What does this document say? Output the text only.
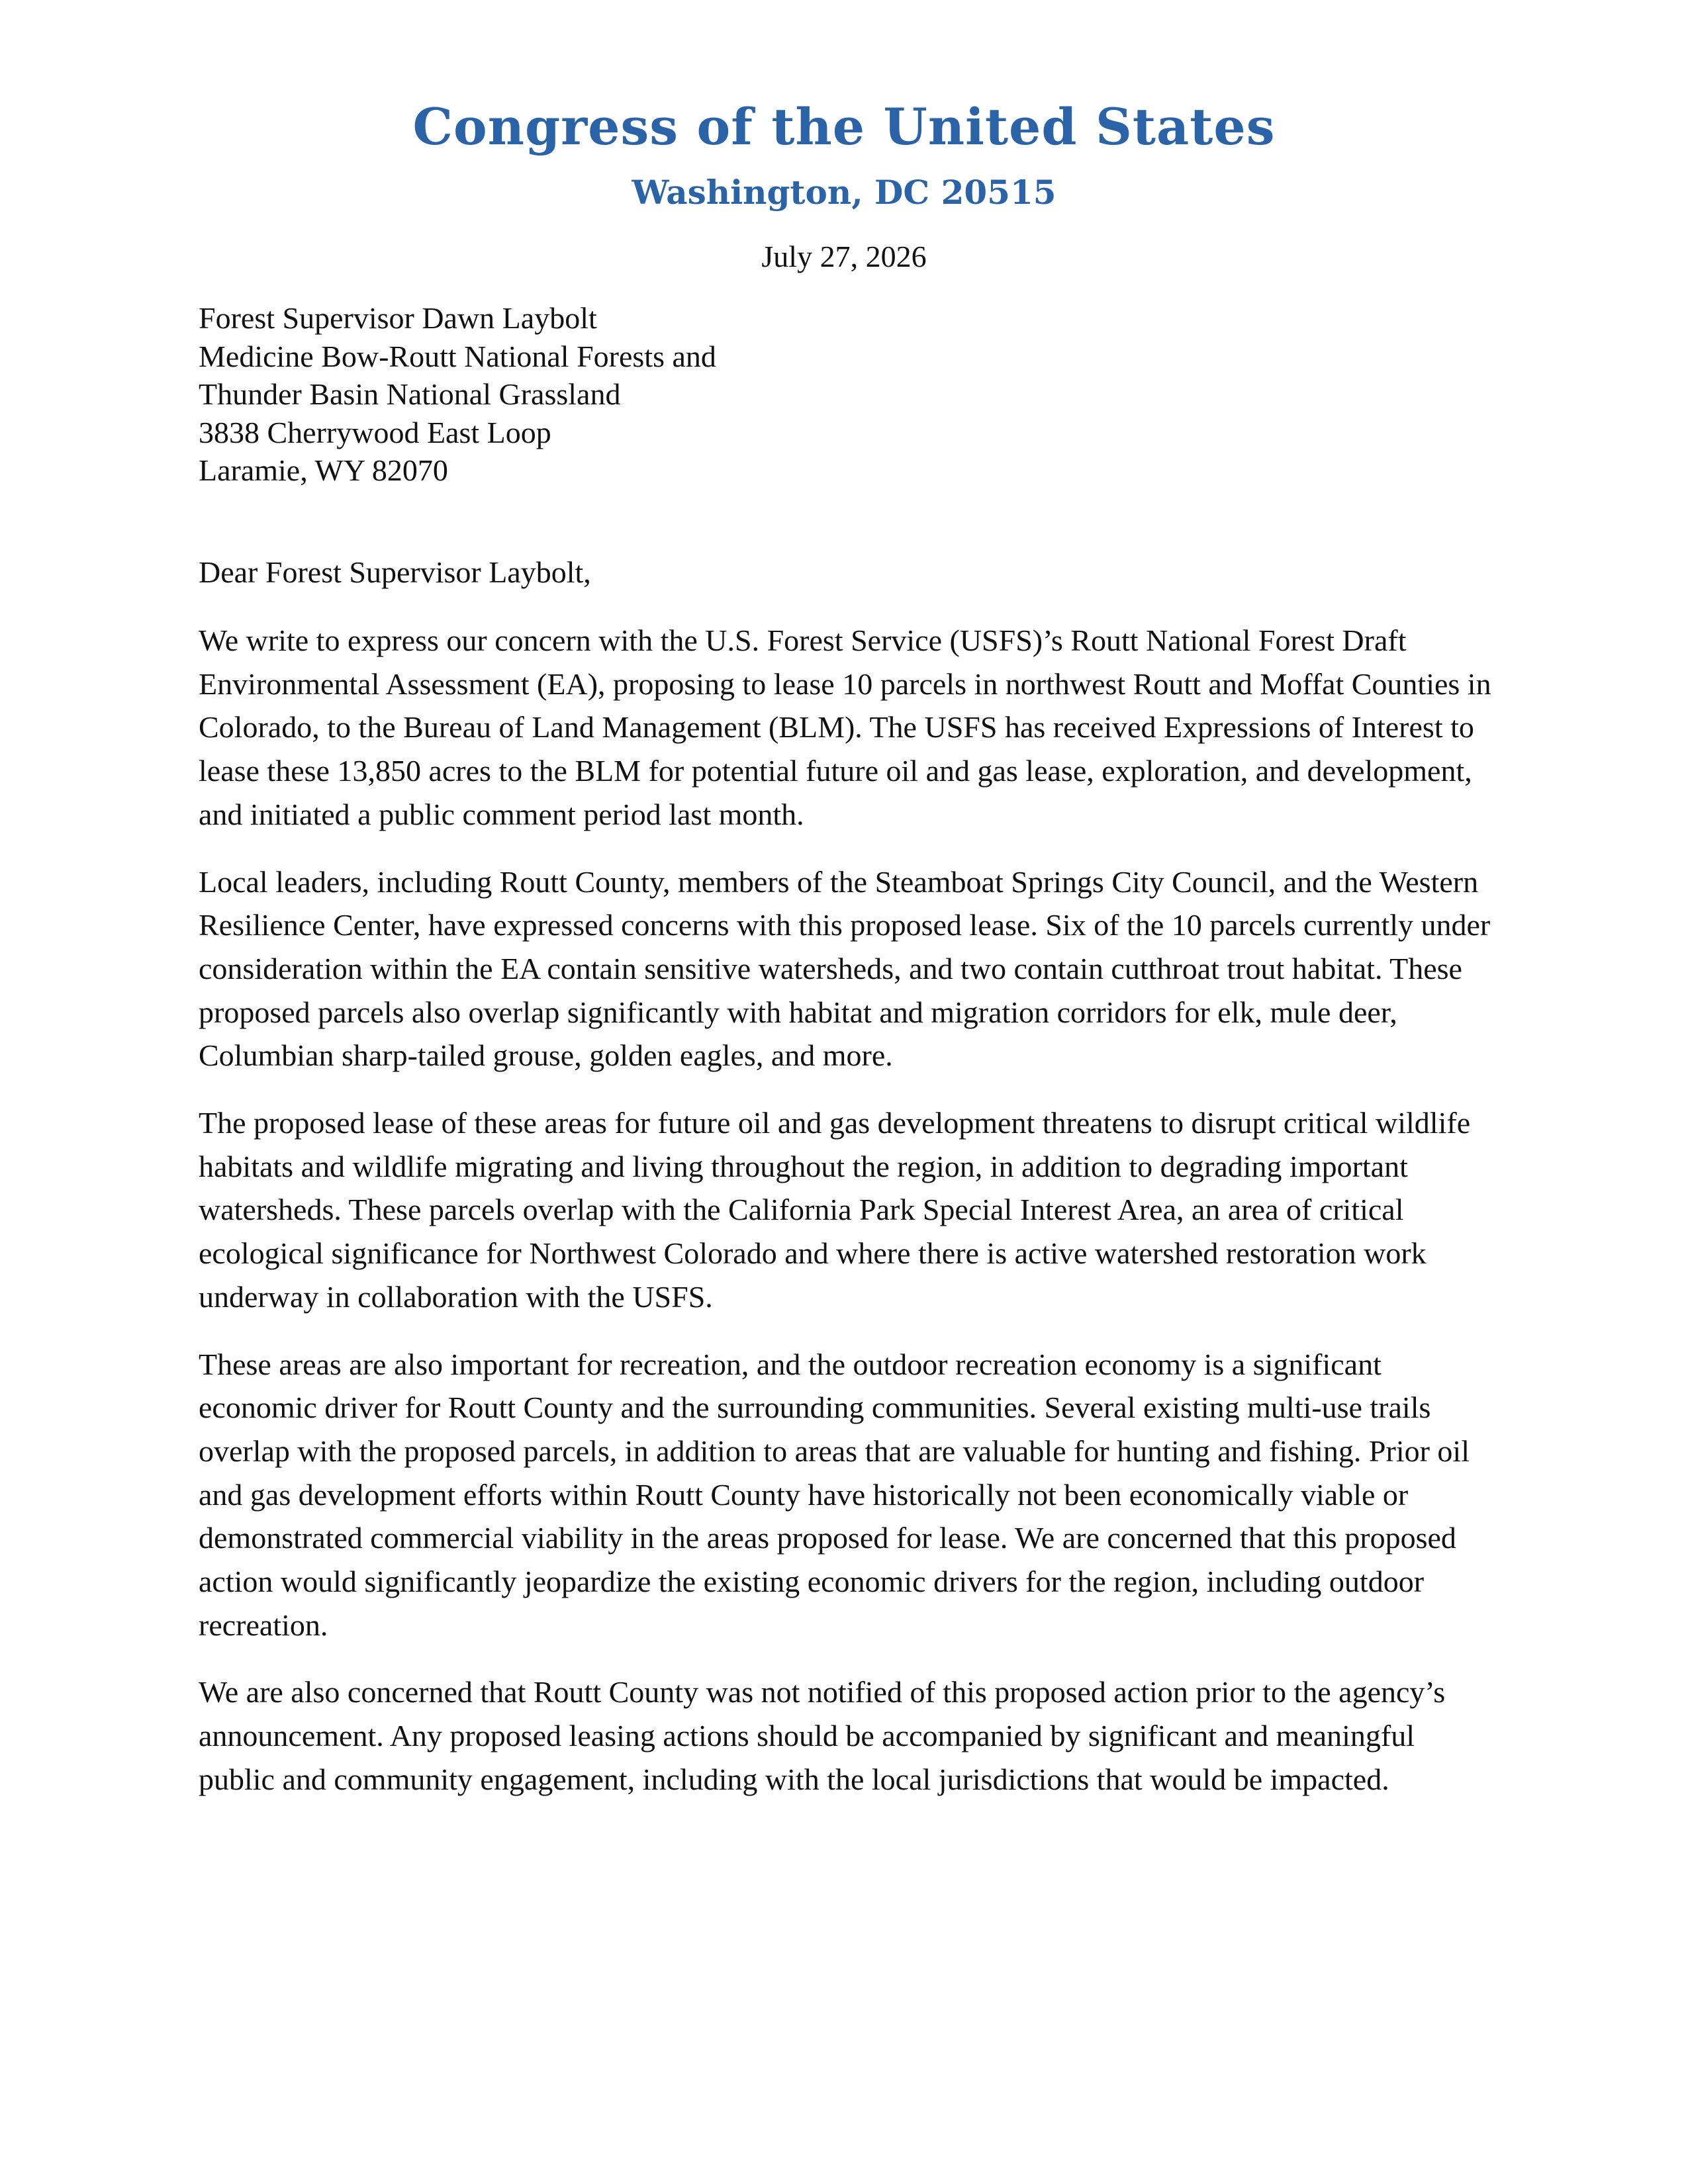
Congress of the United States
Washington, DC 20515
July 27, 2026
Forest Supervisor Dawn Laybolt
Medicine Bow-Routt National Forests and
Thunder Basin National Grassland
3838 Cherrywood East Loop
Laramie, WY 82070
Dear Forest Supervisor Laybolt,

We write to express our concern with the U.S. Forest Service (USFS)’s Routt National Forest Draft Environmental Assessment (EA), proposing to lease 10 parcels in northwest Routt and Moffat Counties in Colorado, to the Bureau of Land Management (BLM). The USFS has received Expressions of Interest to lease these 13,850 acres to the BLM for potential future oil and gas lease, exploration, and development, and initiated a public comment period last month.

Local leaders, including Routt County, members of the Steamboat Springs City Council, and the Western Resilience Center, have expressed concerns with this proposed lease. Six of the 10 parcels currently under consideration within the EA contain sensitive watersheds, and two contain cutthroat trout habitat. These proposed parcels also overlap significantly with habitat and migration corridors for elk, mule deer, Columbian sharp-tailed grouse, golden eagles, and more.

The proposed lease of these areas for future oil and gas development threatens to disrupt critical wildlife habitats and wildlife migrating and living throughout the region, in addition to degrading important watersheds. These parcels overlap with the California Park Special Interest Area, an area of critical ecological significance for Northwest Colorado and where there is active watershed restoration work underway in collaboration with the USFS.

These areas are also important for recreation, and the outdoor recreation economy is a significant economic driver for Routt County and the surrounding communities. Several existing multi-use trails overlap with the proposed parcels, in addition to areas that are valuable for hunting and fishing. Prior oil and gas development efforts within Routt County have historically not been economically viable or demonstrated commercial viability in the areas proposed for lease. We are concerned that this proposed action would significantly jeopardize the existing economic drivers for the region, including outdoor recreation.

We are also concerned that Routt County was not notified of this proposed action prior to the agency’s announcement. Any proposed leasing actions should be accompanied by significant and meaningful public and community engagement, including with the local jurisdictions that would be impacted.
